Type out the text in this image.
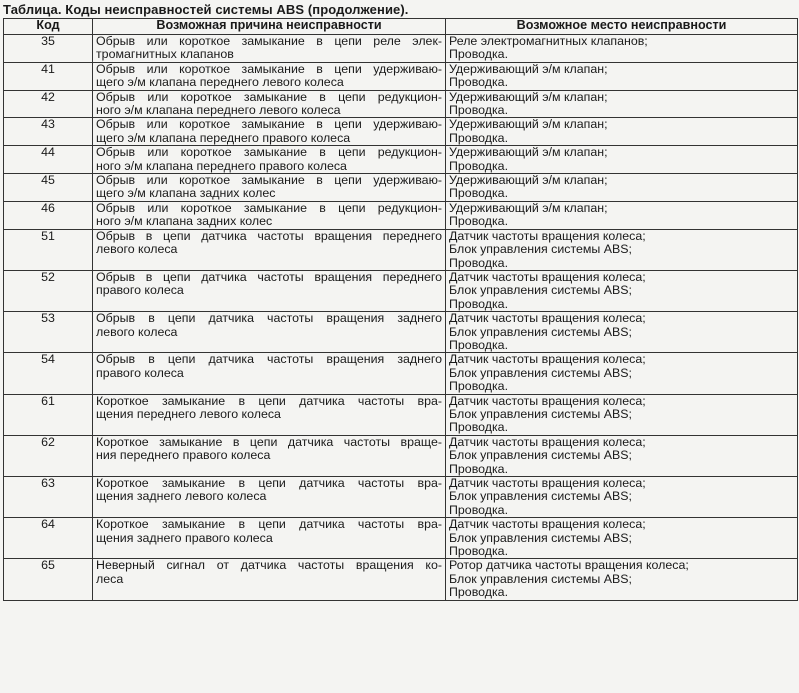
Таблица. Коды неисправностей системы ABS (продолжение).
Код	Возможная причина неисправности	Возможное место неисправности
35	Обрыв или короткое замыкание в цепи реле элек-
тромагнитных клапанов	Реле электромагнитных клапанов;
Проводка.

41	Обрыв или короткое замыкание в цепи удерживаю-
щего э/м клапана переднего левого колеса	Удерживающий э/м клапан;
Проводка.

42	Обрыв или короткое замыкание в цепи редукцион-
ного э/м клапана переднего левого колеса	Удерживающий э/м клапан;
Проводка.

43	Обрыв или короткое замыкание в цепи удерживаю-
щего э/м клапана переднего правого колеса	Удерживающий э/м клапан;
Проводка.

44	Обрыв или короткое замыкание в цепи редукцион-
ного э/м клапана переднего правого колеса	Удерживающий э/м клапан;
Проводка.

45	Обрыв или короткое замыкание в цепи удерживаю-
щего э/м клапана задних колес	Удерживающий э/м клапан;
Проводка.

46	Обрыв или короткое замыкание в цепи редукцион-
ного э/м клапана задних колес	Удерживающий э/м клапан;
Проводка.

51	Обрыв в цепи датчика частоты вращения переднего
левого колеса	Датчик частоты вращения колеса;
Блок управления системы ABS;
Проводка.

52	Обрыв в цепи датчика частоты вращения переднего
правого колеса	Датчик частоты вращения колеса;
Блок управления системы ABS;
Проводка.

53	Обрыв в цепи датчика частоты вращения заднего
левого колеса	Датчик частоты вращения колеса;
Блок управления системы ABS;
Проводка.

54	Обрыв в цепи датчика частоты вращения заднего
правого колеса	Датчик частоты вращения колеса;
Блок управления системы ABS;
Проводка.

61	Короткое замыкание в цепи датчика частоты вра-
щения переднего левого колеса	Датчик частоты вращения колеса;
Блок управления системы ABS;
Проводка.

62	Короткое замыкание в цепи датчика частоты враще-
ния переднего правого колеса	Датчик частоты вращения колеса;
Блок управления системы ABS;
Проводка.

63	Короткое замыкание в цепи датчика частоты вра-
щения заднего левого колеса	Датчик частоты вращения колеса;
Блок управления системы ABS;
Проводка.

64	Короткое замыкание в цепи датчика частоты вра-
щения заднего правого колеса	Датчик частоты вращения колеса;
Блок управления системы ABS;
Проводка.

65	Неверный сигнал от датчика частоты вращения ко-
леса	Ротор датчика частоты вращения колеса;
Блок управления системы ABS;
Проводка.
